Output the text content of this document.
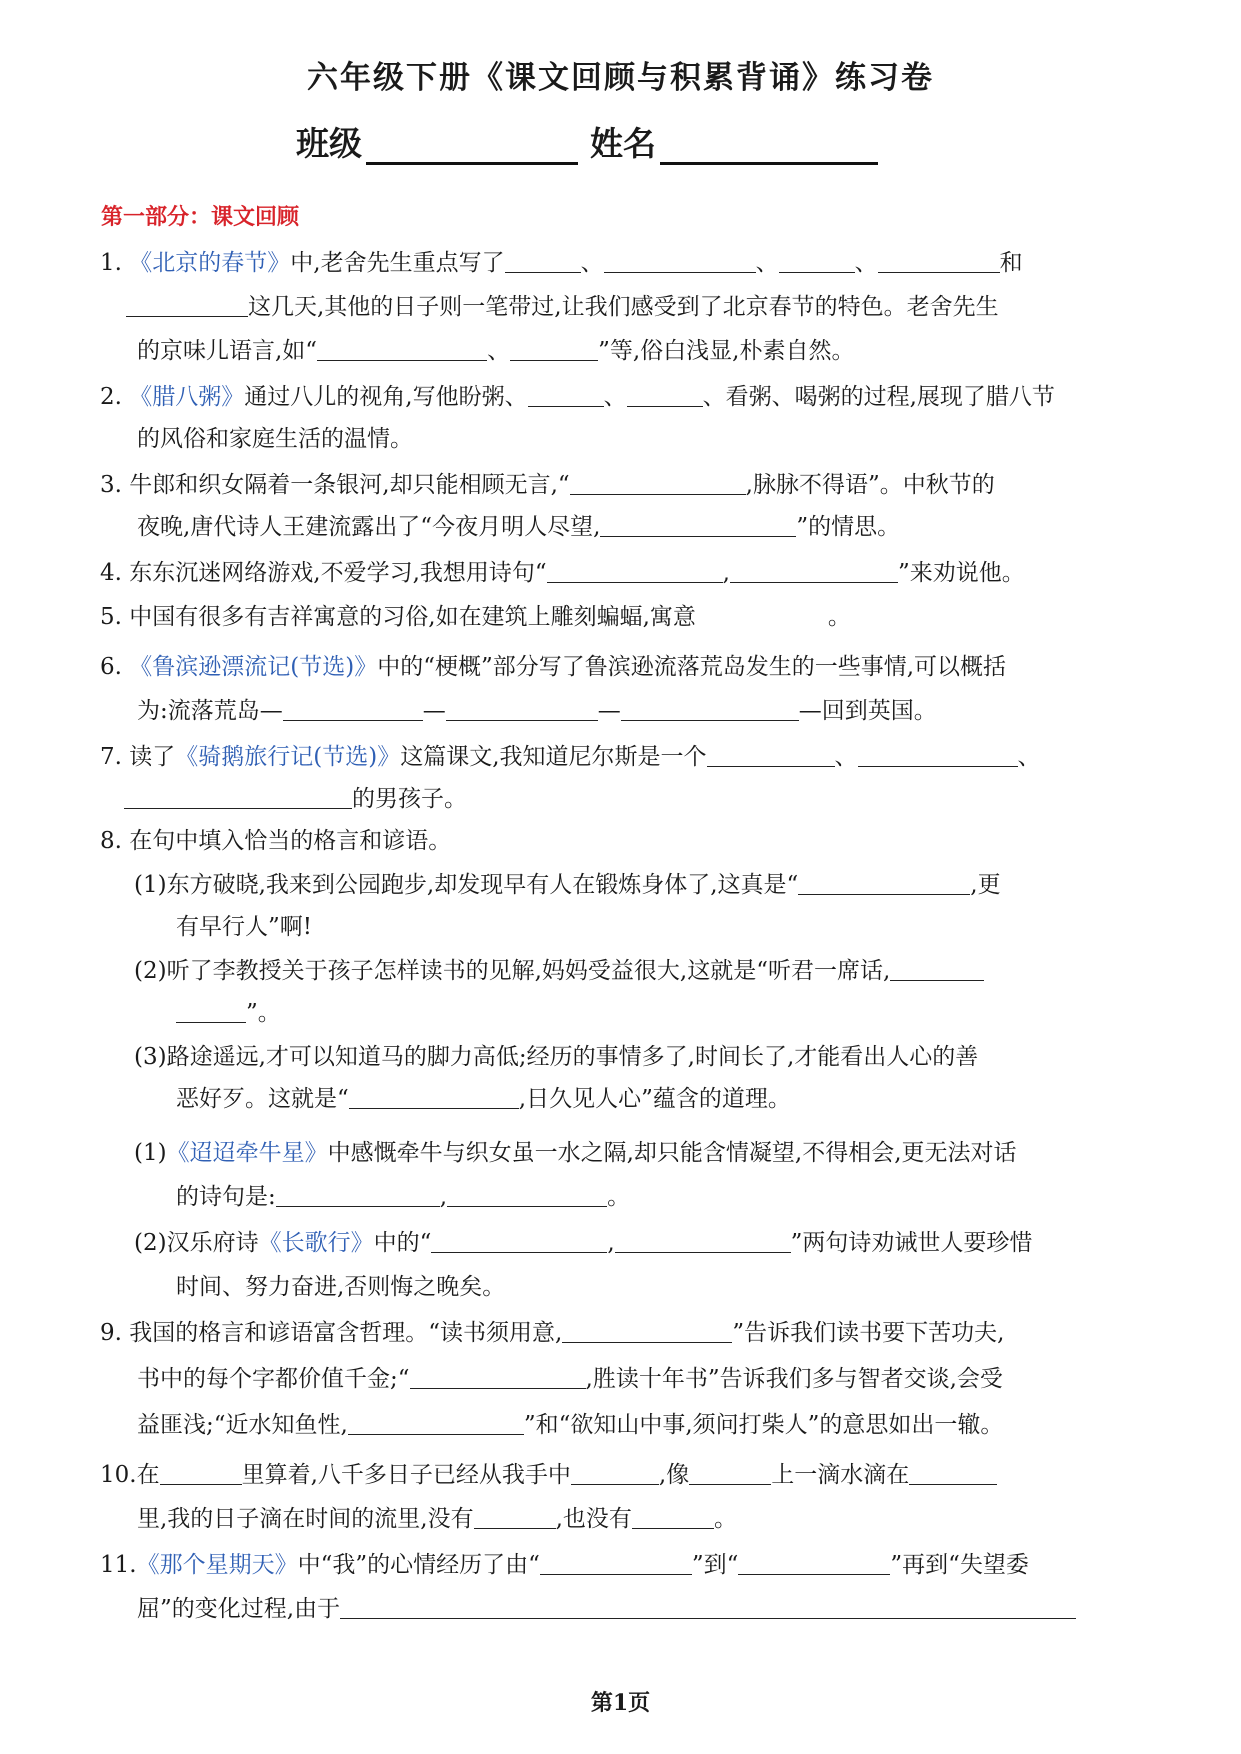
六年级下册《课文回顾与积累背诵》练习卷
班级	姓名
第一部分：课文回顾
1. 《北京的春节》中,老舍先生重点写了	、	、	、	和
这几天,其他的日子则一笔带过,让我们感受到了北京春节的特色。老舍先生
的京味儿语言,如“	、	”等,俗白浅显,朴素自然。
2. 《腊八粥》通过八儿的视角,写他盼粥、	、	、看粥、喝粥的过程,展现了腊八节
的风俗和家庭生活的温情。
3. 牛郎和织女隔着一条银河,却只能相顾无言,“	,脉脉不得语”。中秋节的
夜晚,唐代诗人王建流露出了“今夜月明人尽望,	”的情思。
4. 东东沉迷网络游戏,不爱学习,我想用诗句“	,	”来劝说他。
5. 中国有很多有吉祥寓意的习俗,如在建筑上雕刻蝙蝠,寓意	。
6. 《鲁滨逊漂流记(节选)》中的“梗概”部分写了鲁滨逊流落荒岛发生的一些事情,可以概括
为:流落荒岛—	—	—	—回到英国。
7. 读了《骑鹅旅行记(节选)》这篇课文,我知道尼尔斯是一个	、	、
的男孩子。
8. 在句中填入恰当的格言和谚语。
(1)东方破晓,我来到公园跑步,却发现早有人在锻炼身体了,这真是“	,更
有早行人”啊!
(2)听了李教授关于孩子怎样读书的见解,妈妈受益很大,这就是“听君一席话,
”。
(3)路途遥远,才可以知道马的脚力高低;经历的事情多了,时间长了,才能看出人心的善
恶好歹。这就是“	,日久见人心”蕴含的道理。
(1)《迢迢牵牛星》中感慨牵牛与织女虽一水之隔,却只能含情凝望,不得相会,更无法对话
的诗句是:	,	。
(2)汉乐府诗《长歌行》中的“	,	”两句诗劝诫世人要珍惜
时间、努力奋进,否则悔之晚矣。
9. 我国的格言和谚语富含哲理。“读书须用意,	”告诉我们读书要下苦功夫,
书中的每个字都价值千金;“	,胜读十年书”告诉我们多与智者交谈,会受
益匪浅;“近水知鱼性,	”和“欲知山中事,须问打柴人”的意思如出一辙。
10.在	里算着,八千多日子已经从我手中	,像	上一滴水滴在
里,我的日子滴在时间的流里,没有	,也没有	。
11.《那个星期天》中“我”的心情经历了由“	”到“	”再到“失望委
屈”的变化过程,由于
第1页
